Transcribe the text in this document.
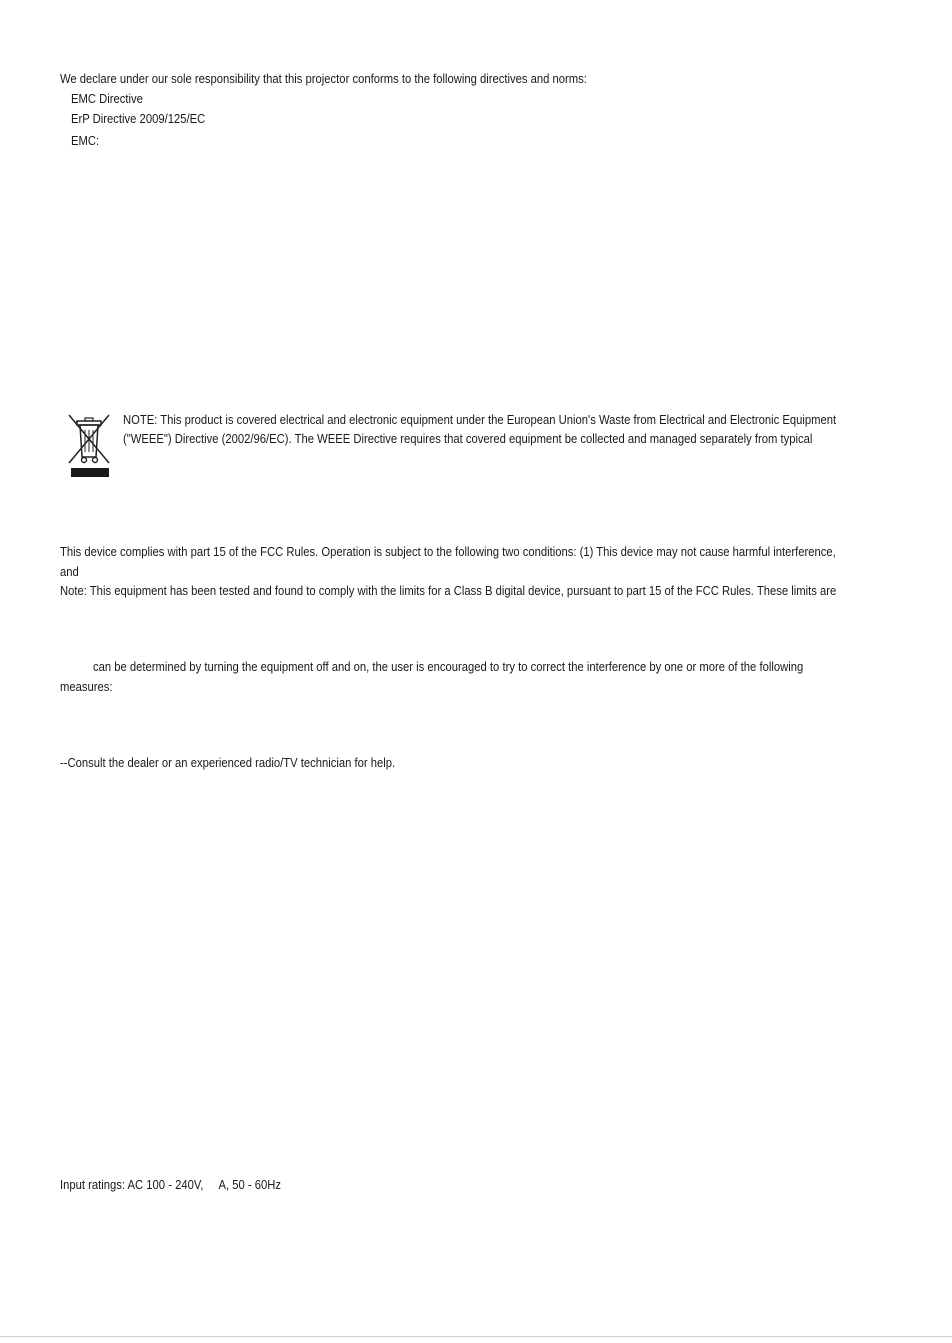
We declare under our sole responsibility that this projector conforms to the following directives and norms:
EMC Directive
ErP Directive 2009/125/EC
EMC:
NOTE: This product is covered electrical and electronic equipment under the European Union's Waste from Electrical and Electronic Equipment
("WEEE") Directive (2002/96/EC). The WEEE Directive requires that covered equipment be collected and managed separately from typical
This device complies with part 15 of the FCC Rules. Operation is subject to the following two conditions: (1) This device may not cause harmful interference,
and
Note: This equipment has been tested and found to comply with the limits for a Class B digital device, pursuant to part 15 of the FCC Rules. These limits are
can be determined by turning the equipment off and on, the user is encouraged to try to correct the interference by one or more of the following
measures:
--Consult the dealer or an experienced radio/TV technician for help.
Input ratings: AC 100 - 240V,     A, 50 - 60Hz
